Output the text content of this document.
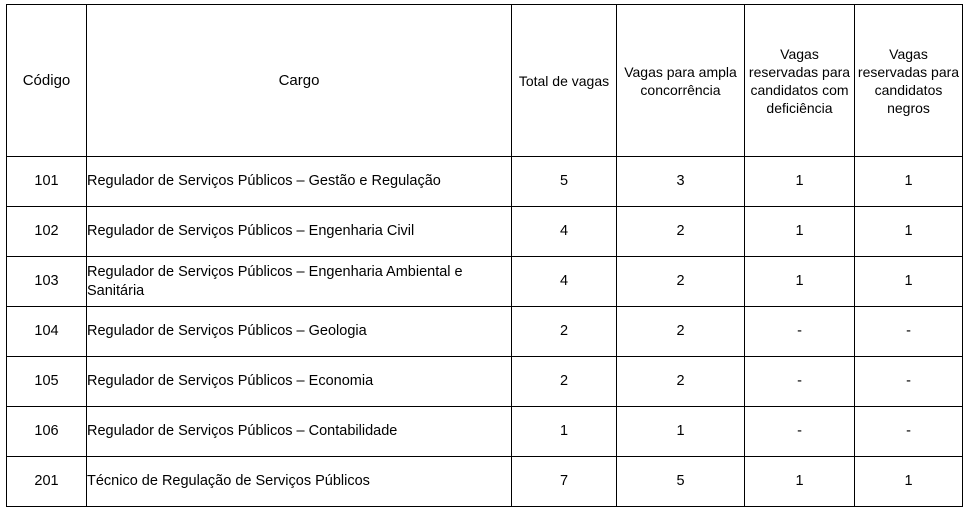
Código	Cargo	Total de vagas	Vagas para ampla concorrência	Vagas reservadas para candidatos com deficiência	Vagas reservadas para candidatos negros
101	Regulador de Serviços Públicos – Gestão e Regulação	5	3	1	1
102	Regulador de Serviços Públicos – Engenharia Civil	4	2	1	1
103	Regulador de Serviços Públicos – Engenharia Ambiental e Sanitária	4	2	1	1
104	Regulador de Serviços Públicos – Geologia	2	2	-	-
105	Regulador de Serviços Públicos – Economia	2	2	-	-
106	Regulador de Serviços Públicos – Contabilidade	1	1	-	-
201	Técnico de Regulação de Serviços Públicos	7	5	1	1
